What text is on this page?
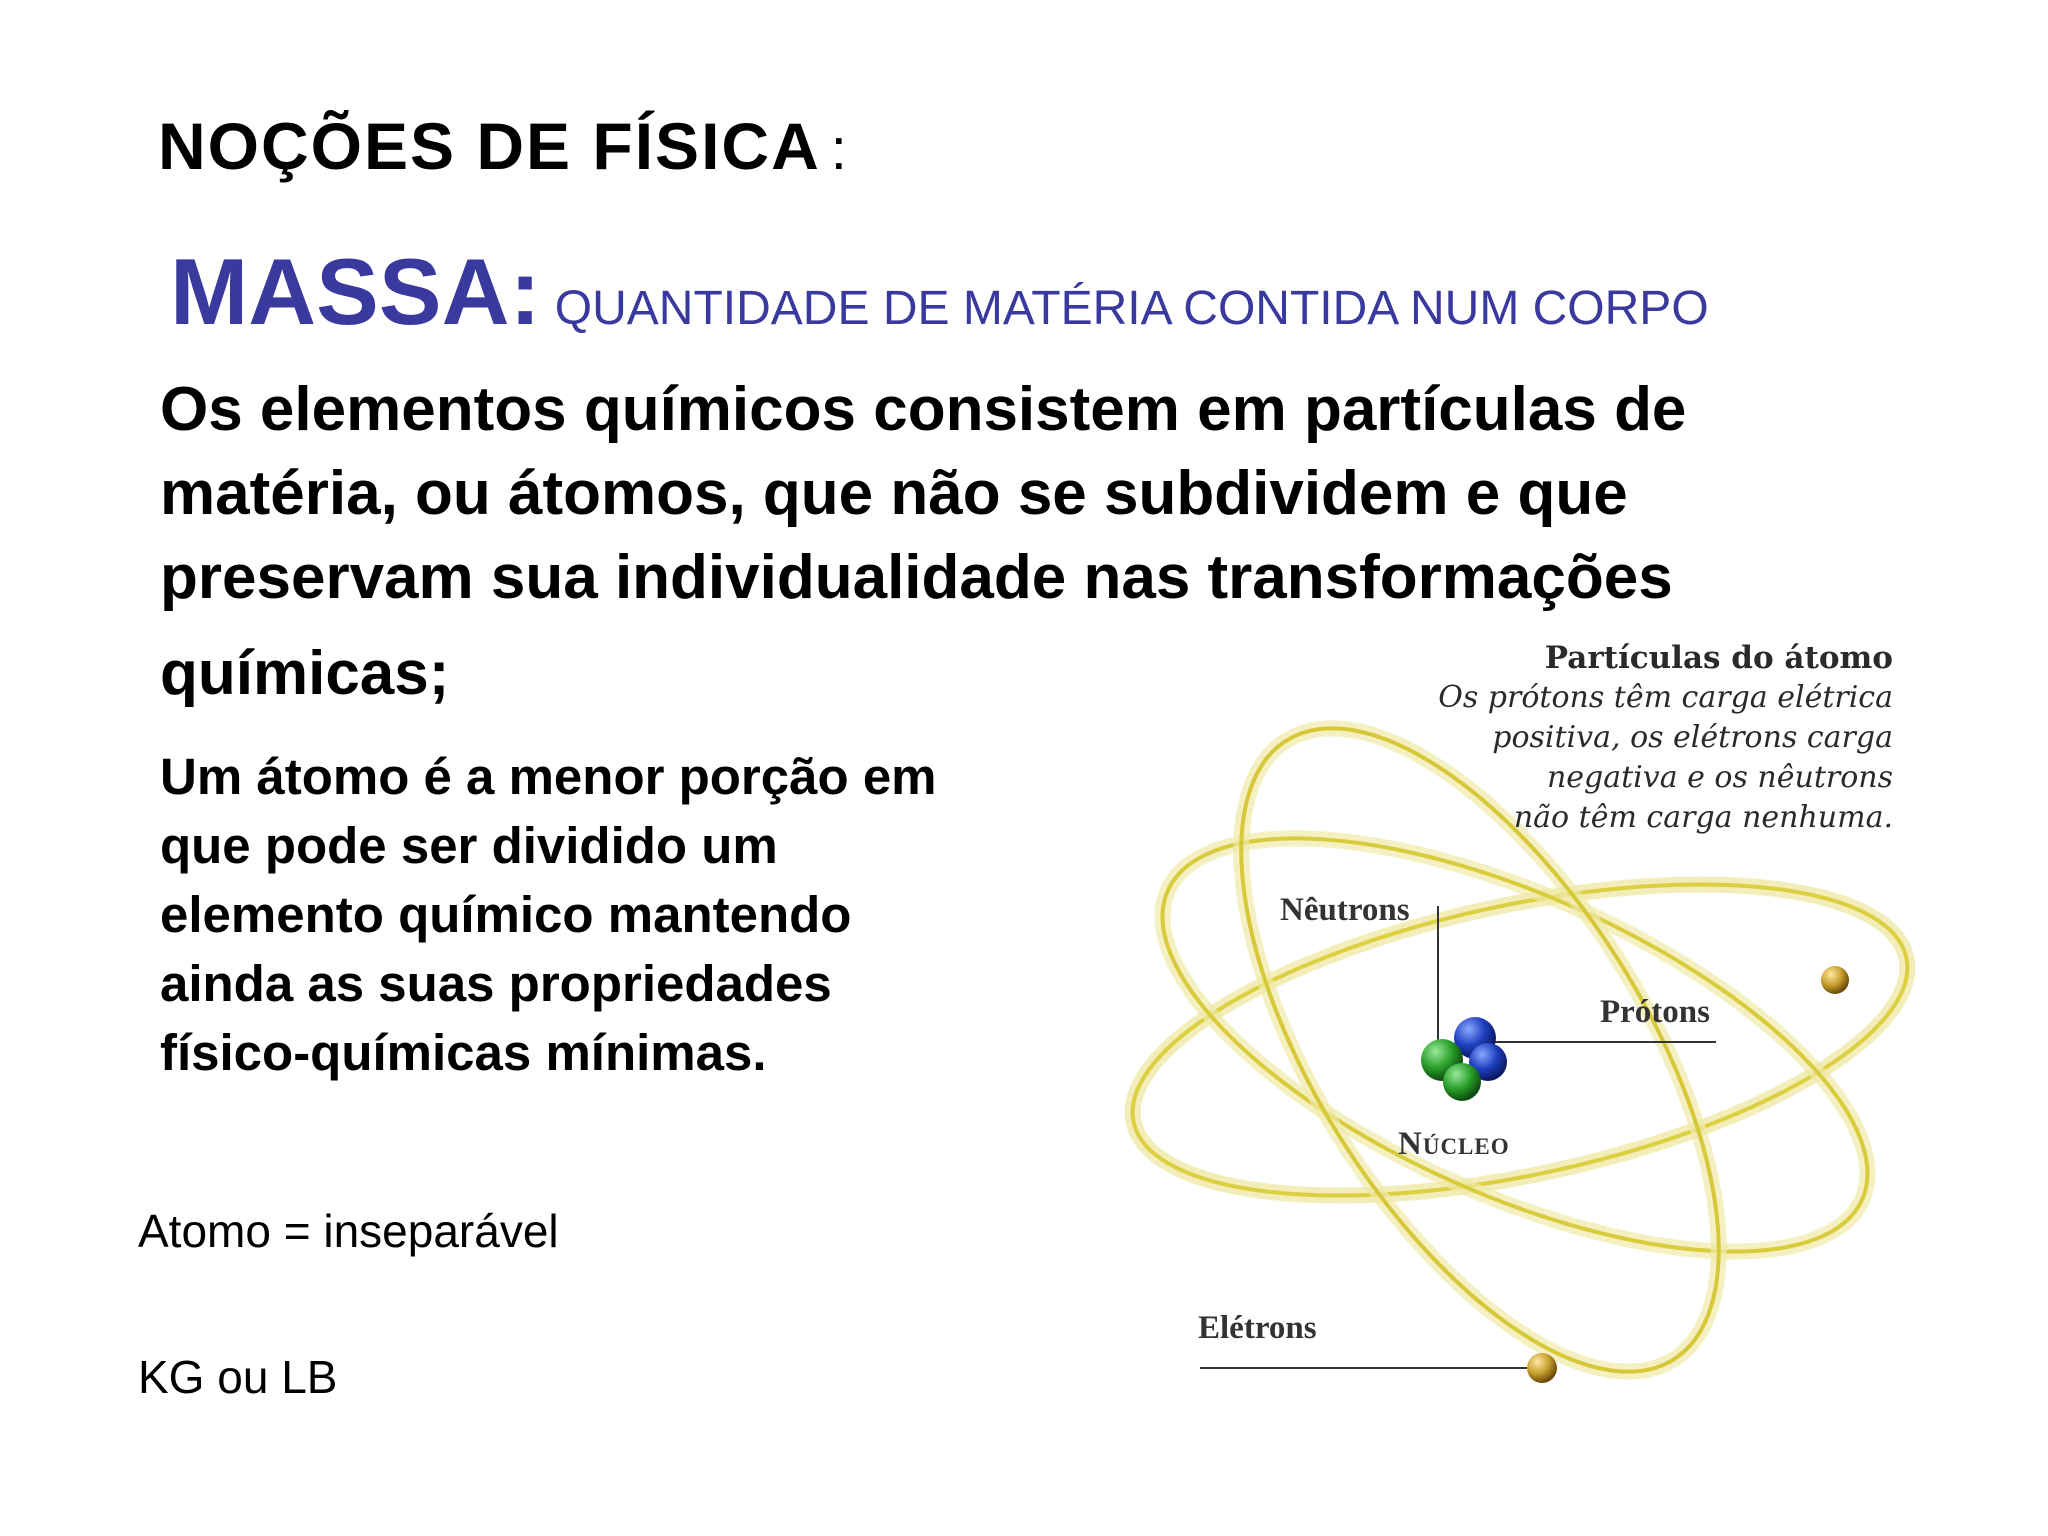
NOÇÕES DE FÍSICA :
MASSA: QUANTIDADE DE MATÉRIA CONTIDA NUM CORPO
Os elementos químicos consistem em partículas de
matéria, ou átomos, que não se subdividem e que
preservam sua individualidade nas transformações
químicas;
Um átomo é a menor porção em
que pode ser dividido um
elemento químico mantendo
ainda as suas propriedades
físico-químicas mínimas.
Atomo = inseparável
KG ou LB
Partículas do átomo
Os prótons têm carga elétrica
positiva, os elétrons carga
negativa e os nêutrons
não têm carga nenhuma.
Nêutrons
Prótons
Núcleo
Elétrons
